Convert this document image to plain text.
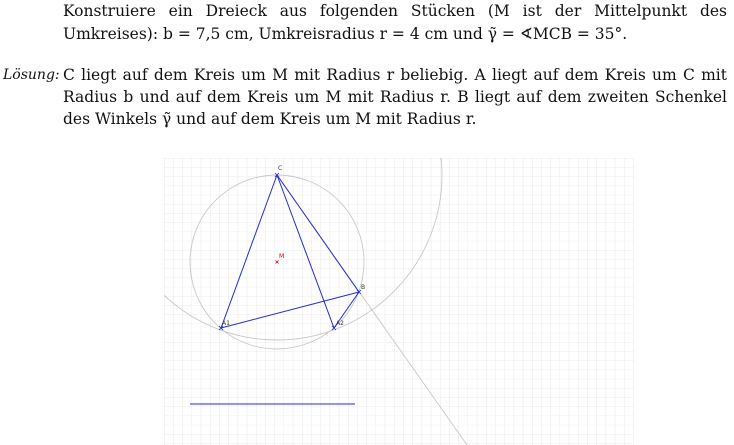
Konstruiere ein Dreieck aus folgenden Stücken (M ist der Mittelpunkt des Umkreises): b = 7,5 cm, Umkreisradius r = 4 cm und γ̃ = ∢MCB = 35°.
Lösung: C liegt auf dem Kreis um M mit Radius r beliebig. A liegt auf dem Kreis um C mit Radius b und auf dem Kreis um M mit Radius r. B liegt auf dem zweiten Schenkel des Winkels γ̃ und auf dem Kreis um M mit Radius r.
C
M
B
A1	A2
